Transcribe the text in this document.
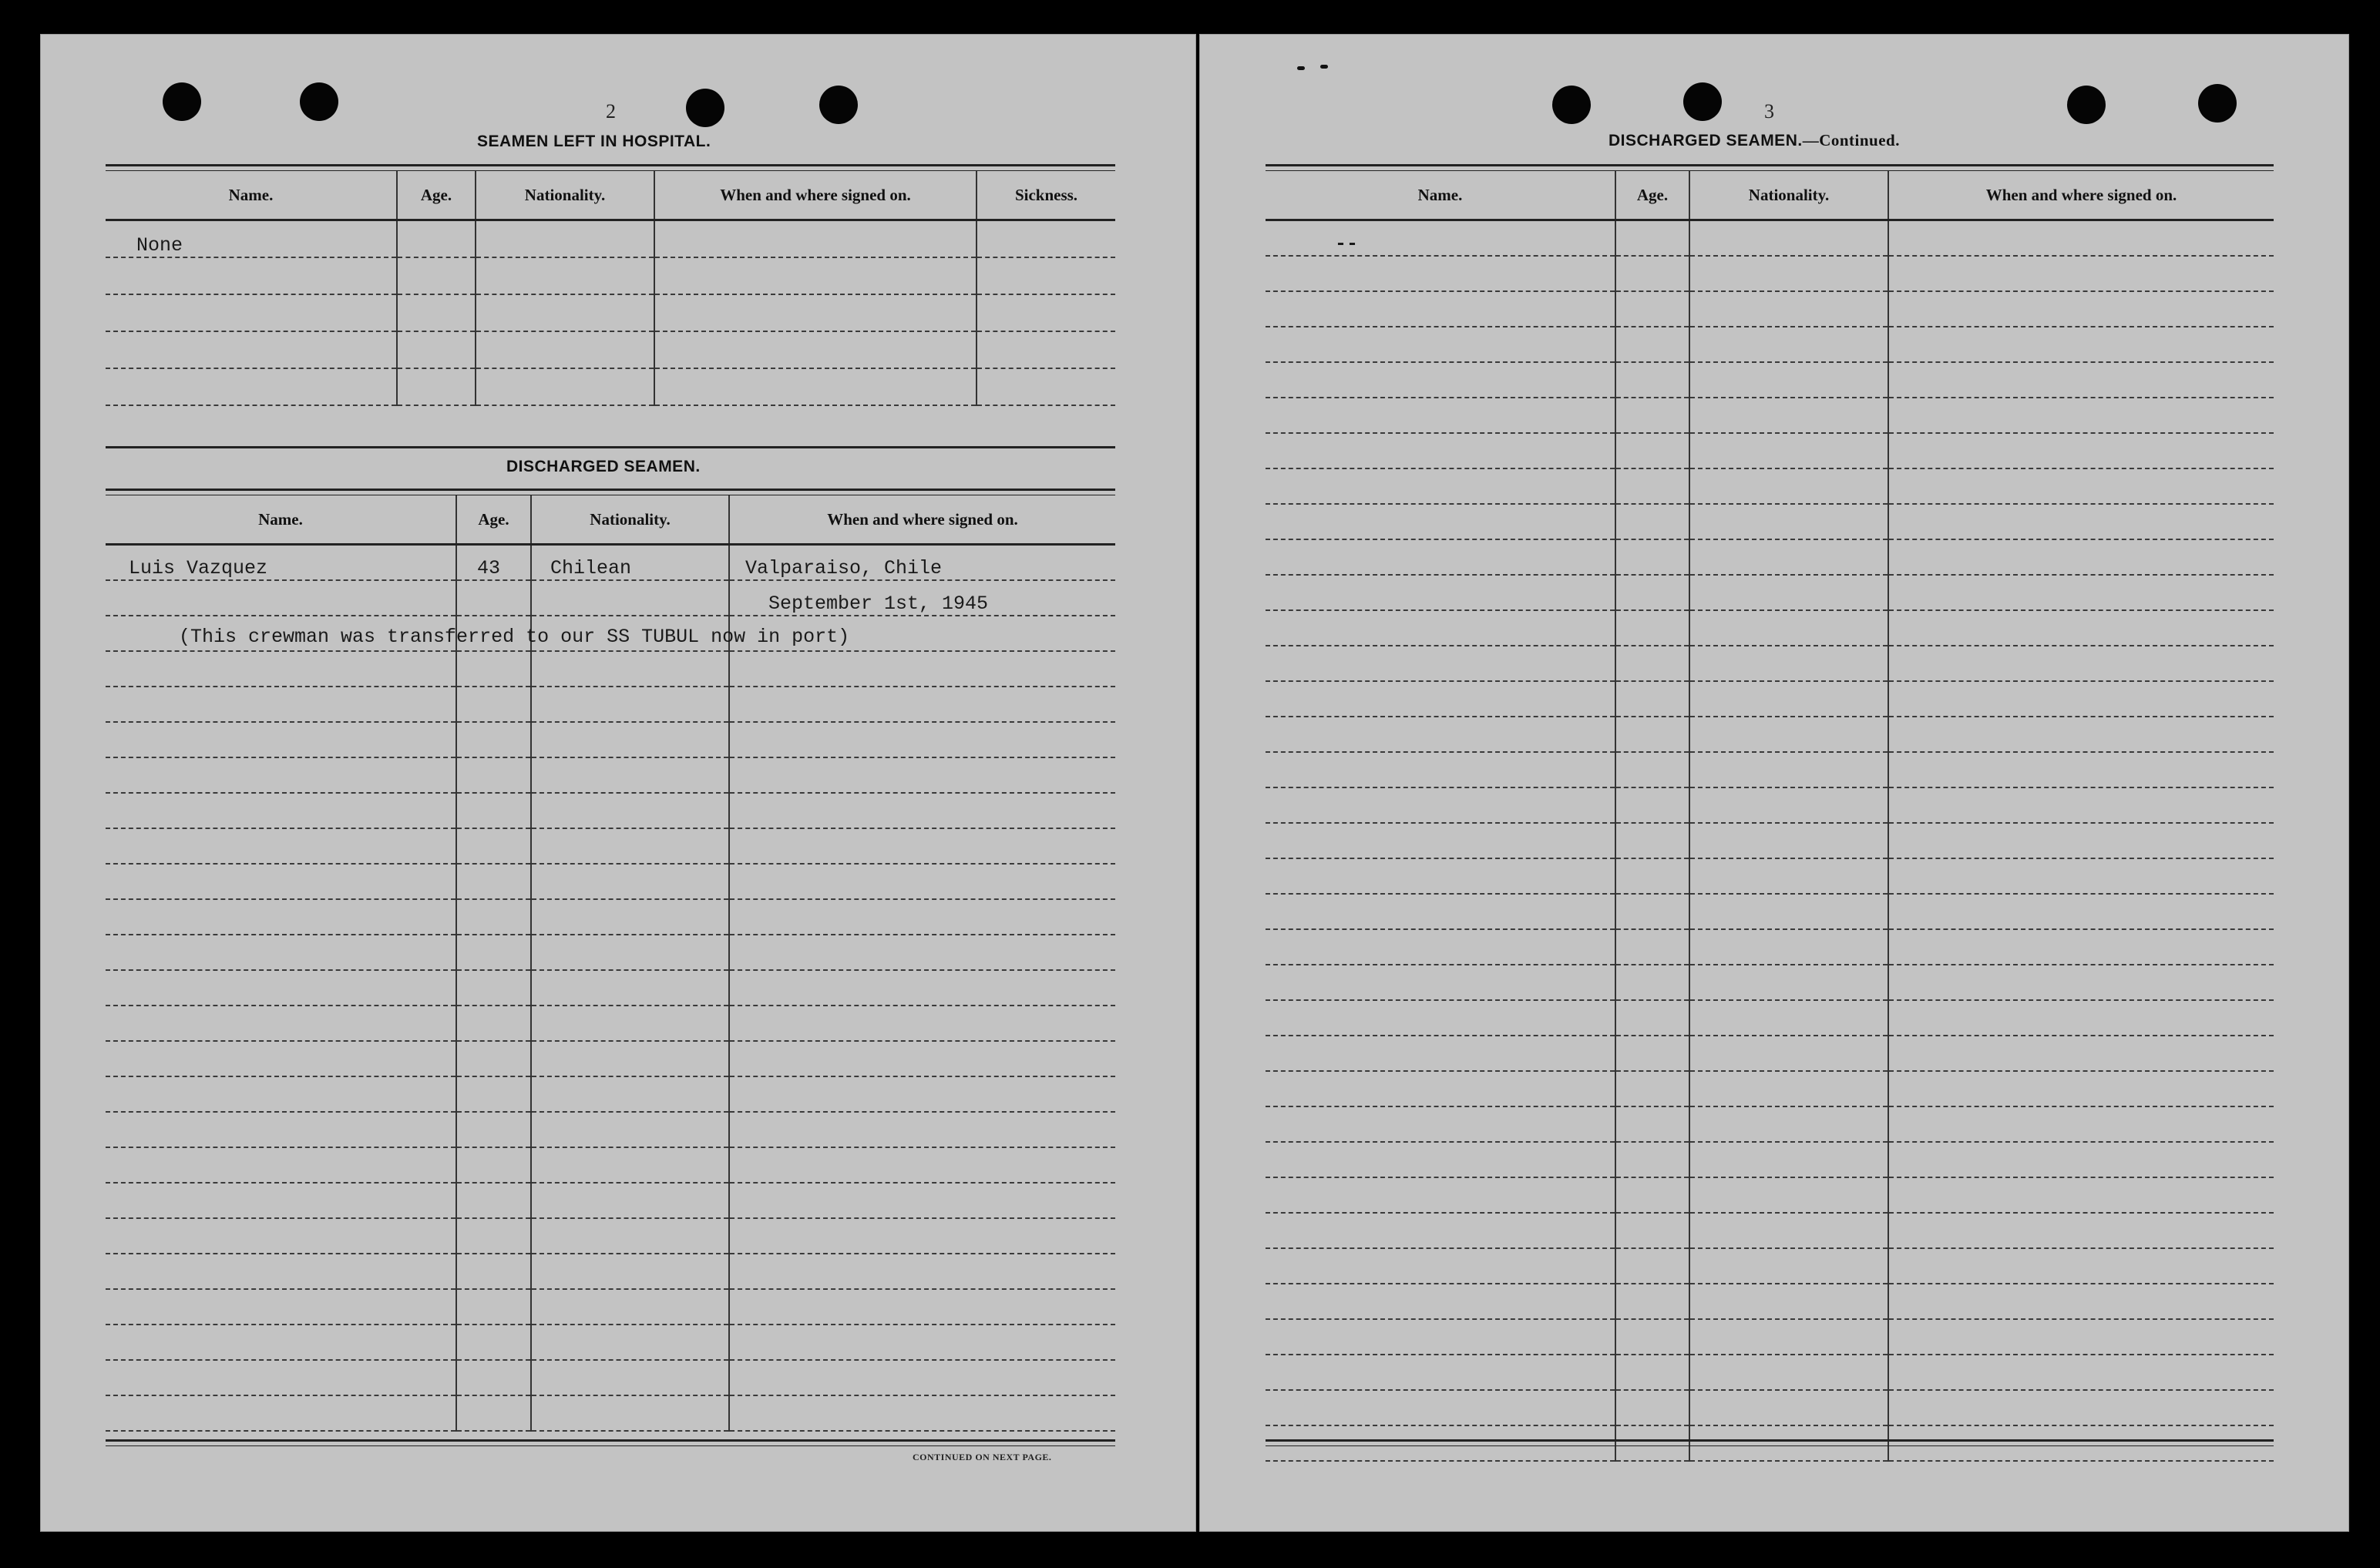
2
SEAMEN LEFT IN HOSPITAL.
Name.	Age.	Nationality.	When and where signed on.	Sickness.
None				

DISCHARGED SEAMEN.
Name.	Age.	Nationality.	When and where signed on.
Luis Vazquez	43	Chilean	Valparaiso, Chile
			September 1st, 1945

(This crewman was transferred to our SS TUBUL now in port)
CONTINUED ON NEXT PAGE.
3
DISCHARGED SEAMEN.—Continued.
Name.	Age.	Nationality.	When and where signed on.
--			
